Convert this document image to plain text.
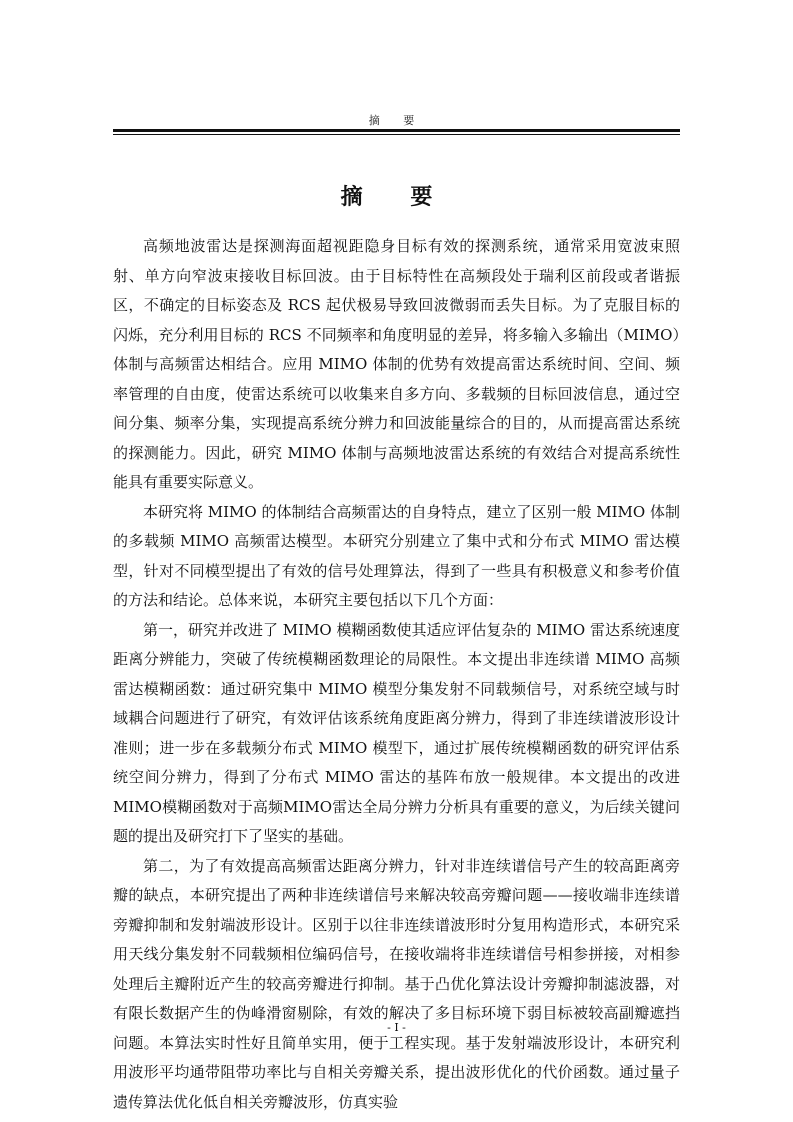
摘 要
摘 要

高频地波雷达是探测海面超视距隐身目标有效的探测系统，通常采用宽波束照射、单方向窄波束接收目标回波。由于目标特性在高频段处于瑞利区前段或者谐振区，不确定的目标姿态及 RCS 起伏极易导致回波微弱而丢失目标。为了克服目标的闪烁，充分利用目标的 RCS 不同频率和角度明显的差异，将多输入多输出（MIMO）体制与高频雷达相结合。应用 MIMO 体制的优势有效提高雷达系统时间、空间、频率管理的自由度，使雷达系统可以收集来自多方向、多载频的目标回波信息，通过空间分集、频率分集，实现提高系统分辨力和回波能量综合的目的，从而提高雷达系统的探测能力。因此，研究 MIMO 体制与高频地波雷达系统的有效结合对提高系统性能具有重要实际意义。

本研究将 MIMO 的体制结合高频雷达的自身特点，建立了区别一般 MIMO 体制的多载频 MIMO 高频雷达模型。本研究分别建立了集中式和分布式 MIMO 雷达模型，针对不同模型提出了有效的信号处理算法，得到了一些具有积极意义和参考价值的方法和结论。总体来说，本研究主要包括以下几个方面：

第一，研究并改进了 MIMO 模糊函数使其适应评估复杂的 MIMO 雷达系统速度距离分辨能力，突破了传统模糊函数理论的局限性。本文提出非连续谱 MIMO 高频雷达模糊函数：通过研究集中 MIMO 模型分集发射不同载频信号，对系统空域与时域耦合问题进行了研究，有效评估该系统角度距离分辨力，得到了非连续谱波形设计准则；进一步在多载频分布式 MIMO 模型下，通过扩展传统模糊函数的研究评估系统空间分辨力，得到了分布式 MIMO 雷达的基阵布放一般规律。本文提出的改进MIMO模糊函数对于高频MIMO雷达全局分辨力分析具有重要的意义，为后续关键问题的提出及研究打下了坚实的基础。

第二，为了有效提高高频雷达距离分辨力，针对非连续谱信号产生的较高距离旁瓣的缺点，本研究提出了两种非连续谱信号来解决较高旁瓣问题——接收端非连续谱旁瓣抑制和发射端波形设计。区别于以往非连续谱波形时分复用构造形式，本研究采用天线分集发射不同载频相位编码信号，在接收端将非连续谱信号相参拼接，对相参处理后主瓣附近产生的较高旁瓣进行抑制。基于凸优化算法设计旁瓣抑制滤波器，对有限长数据产生的伪峰滑窗剔除，有效的解决了多目标环境下弱目标被较高副瓣遮挡问题。本算法实时性好且简单实用，便于工程实现。基于发射端波形设计，本研究利用波形平均通带阻带功率比与自相关旁瓣关系，提出波形优化的代价函数。通过量子遗传算法优化低自相关旁瓣波形，仿真实验

- I -
